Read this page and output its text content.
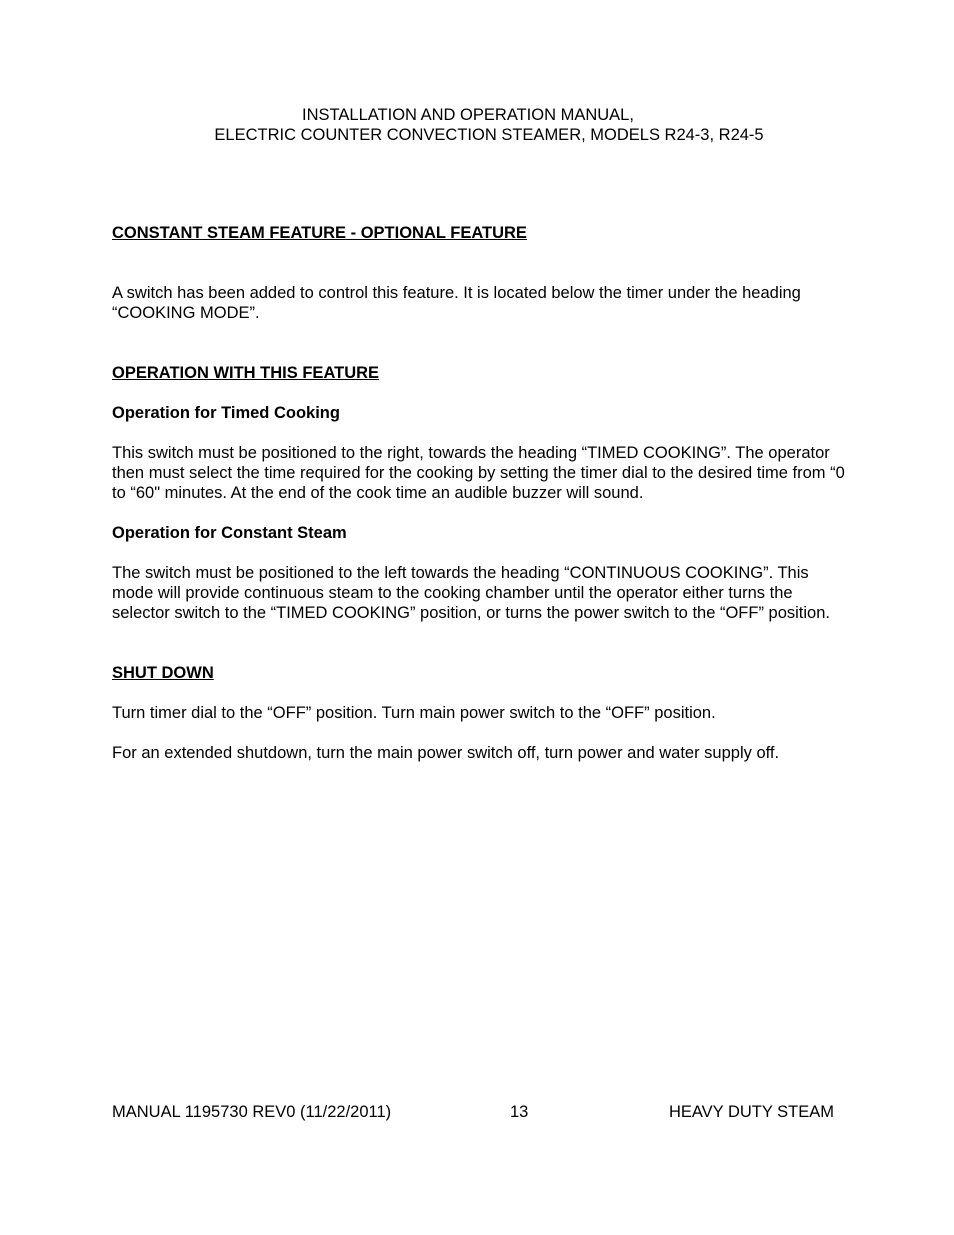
INSTALLATION AND OPERATION MANUAL,
ELECTRIC COUNTER CONVECTION STEAMER, MODELS R24-3, R24-5

CONSTANT STEAM FEATURE - OPTIONAL FEATURE

A switch has been added to control this feature. It is located below the timer under the heading “COOKING MODE”.

OPERATION WITH THIS FEATURE

Operation for Timed Cooking

This switch must be positioned to the right, towards the heading “TIMED COOKING”. The operator then must select the time required for the cooking by setting the timer dial to the desired time from “0 to “60" minutes. At the end of the cook time an audible buzzer will sound.

Operation for Constant Steam

The switch must be positioned to the left towards the heading “CONTINUOUS COOKING”. This mode will provide continuous steam to the cooking chamber until the operator either turns the selector switch to the “TIMED COOKING” position, or turns the power switch to the “OFF” position.

SHUT DOWN

Turn timer dial to the “OFF” position. Turn main power switch to the “OFF” position.

For an extended shutdown, turn the main power switch off, turn power and water supply off.

MANUAL 1195730 REV0 (11/22/2011)	13	HEAVY DUTY STEAM
